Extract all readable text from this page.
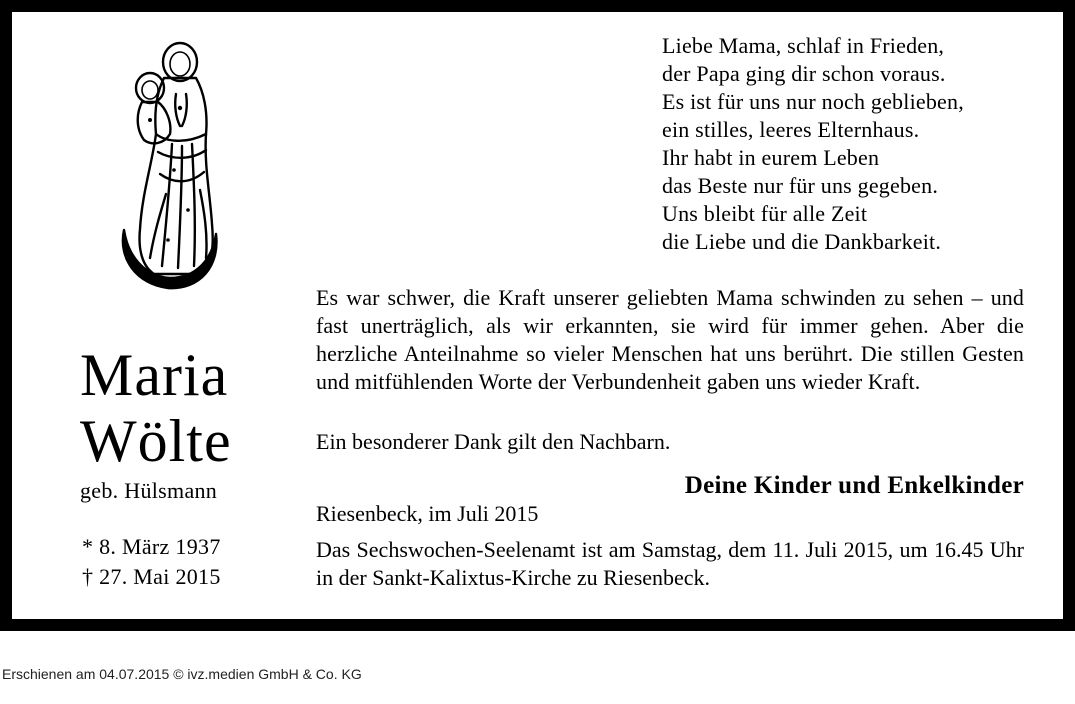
Liebe Mama, schlaf in Frieden,
der Papa ging dir schon voraus.
Es ist für uns nur noch geblieben,
ein stilles, leeres Elternhaus.
Ihr habt in eurem Leben
das Beste nur für uns gegeben.
Uns bleibt für alle Zeit
die Liebe und die Dankbarkeit.
Maria
Wölte
geb. Hülsmann
* 8. März 1937
† 27. Mai 2015
Es war schwer, die Kraft unserer geliebten Mama schwinden zu sehen – und fast unerträglich, als wir erkannten, sie wird für immer gehen. Aber die herzliche Anteilnahme so vieler Menschen hat uns berührt. Die stillen Gesten und mitfühlenden Worte der Verbundenheit gaben uns wieder Kraft.
Ein besonderer Dank gilt den Nachbarn.
Deine Kinder und Enkelkinder
Riesenbeck, im Juli 2015
Das Sechswochen-Seelenamt ist am Samstag, dem 11. Juli 2015, um 16.45 Uhr in der Sankt-Kalixtus-Kirche zu Riesenbeck.
Erschienen am 04.07.2015 © ivz.medien GmbH & Co. KG
